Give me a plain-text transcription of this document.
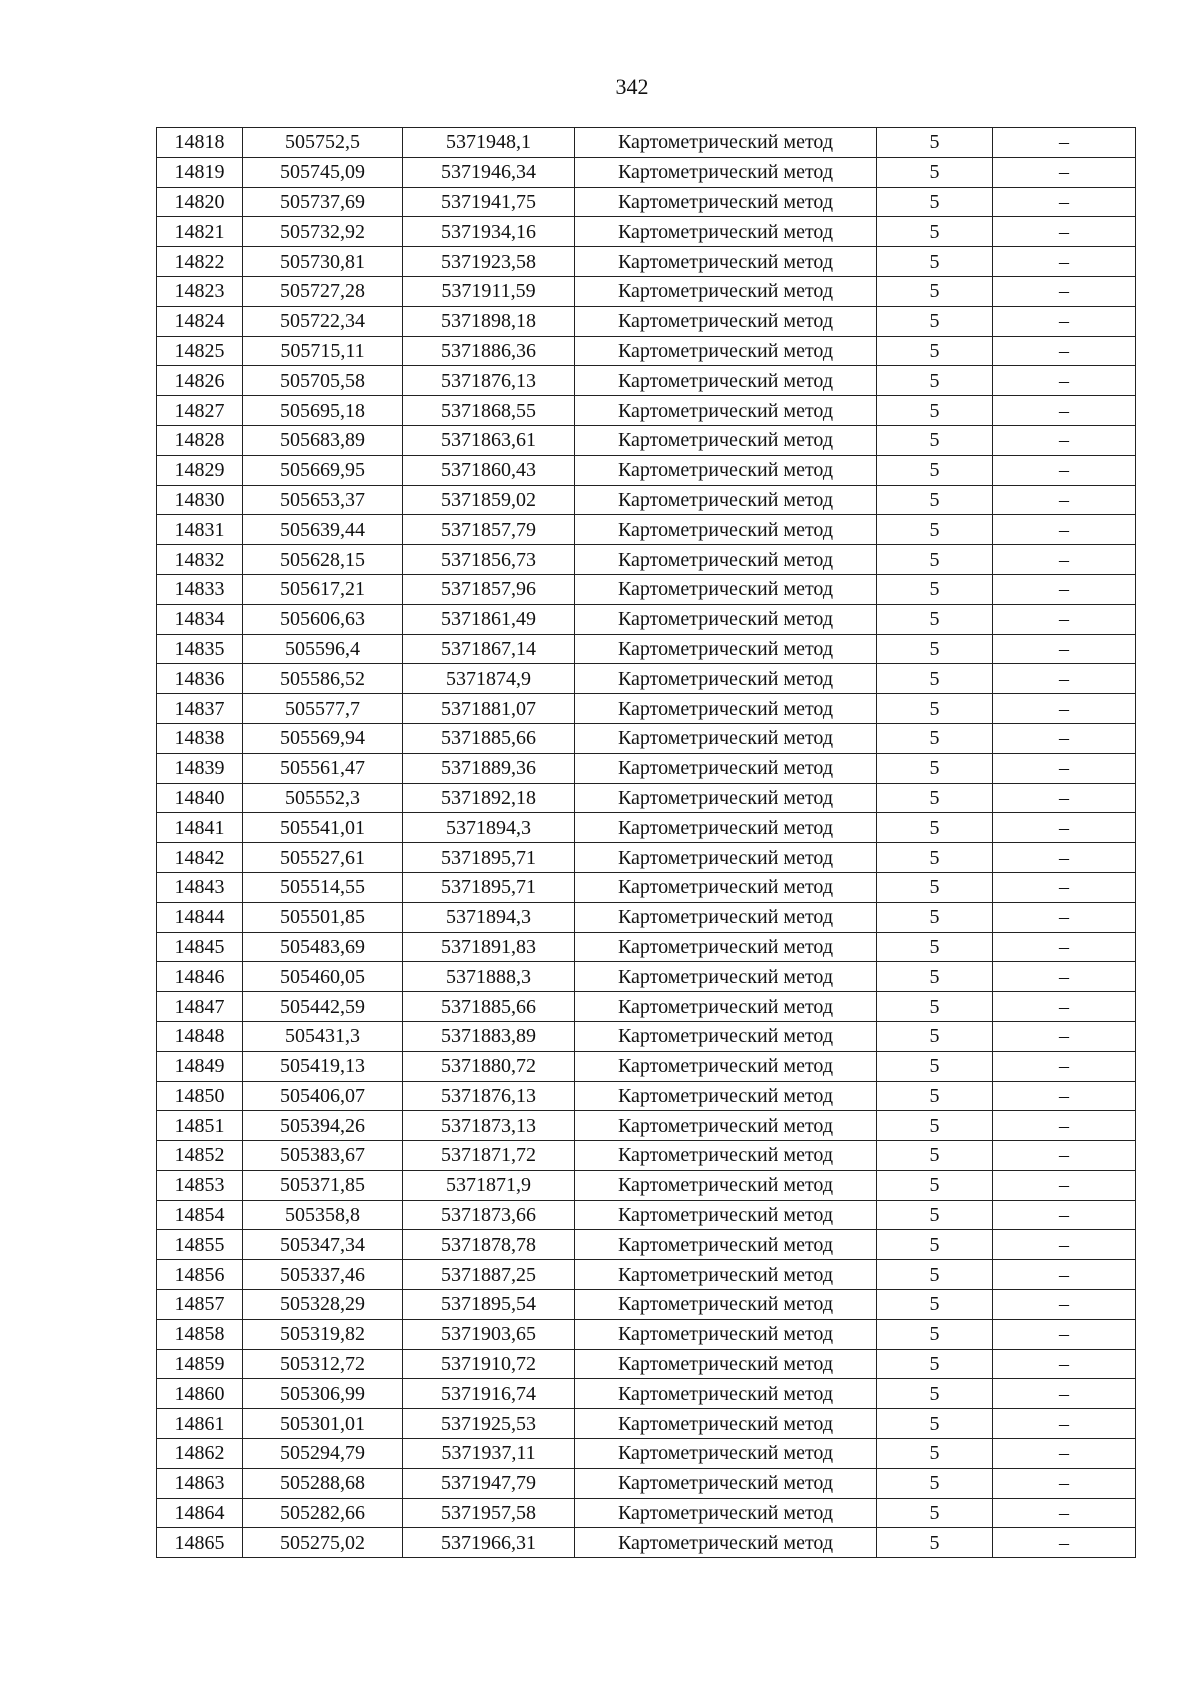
342
14818	505752,5	5371948,1	Картометрический метод	5	–
14819	505745,09	5371946,34	Картометрический метод	5	–
14820	505737,69	5371941,75	Картометрический метод	5	–
14821	505732,92	5371934,16	Картометрический метод	5	–
14822	505730,81	5371923,58	Картометрический метод	5	–
14823	505727,28	5371911,59	Картометрический метод	5	–
14824	505722,34	5371898,18	Картометрический метод	5	–
14825	505715,11	5371886,36	Картометрический метод	5	–
14826	505705,58	5371876,13	Картометрический метод	5	–
14827	505695,18	5371868,55	Картометрический метод	5	–
14828	505683,89	5371863,61	Картометрический метод	5	–
14829	505669,95	5371860,43	Картометрический метод	5	–
14830	505653,37	5371859,02	Картометрический метод	5	–
14831	505639,44	5371857,79	Картометрический метод	5	–
14832	505628,15	5371856,73	Картометрический метод	5	–
14833	505617,21	5371857,96	Картометрический метод	5	–
14834	505606,63	5371861,49	Картометрический метод	5	–
14835	505596,4	5371867,14	Картометрический метод	5	–
14836	505586,52	5371874,9	Картометрический метод	5	–
14837	505577,7	5371881,07	Картометрический метод	5	–
14838	505569,94	5371885,66	Картометрический метод	5	–
14839	505561,47	5371889,36	Картометрический метод	5	–
14840	505552,3	5371892,18	Картометрический метод	5	–
14841	505541,01	5371894,3	Картометрический метод	5	–
14842	505527,61	5371895,71	Картометрический метод	5	–
14843	505514,55	5371895,71	Картометрический метод	5	–
14844	505501,85	5371894,3	Картометрический метод	5	–
14845	505483,69	5371891,83	Картометрический метод	5	–
14846	505460,05	5371888,3	Картометрический метод	5	–
14847	505442,59	5371885,66	Картометрический метод	5	–
14848	505431,3	5371883,89	Картометрический метод	5	–
14849	505419,13	5371880,72	Картометрический метод	5	–
14850	505406,07	5371876,13	Картометрический метод	5	–
14851	505394,26	5371873,13	Картометрический метод	5	–
14852	505383,67	5371871,72	Картометрический метод	5	–
14853	505371,85	5371871,9	Картометрический метод	5	–
14854	505358,8	5371873,66	Картометрический метод	5	–
14855	505347,34	5371878,78	Картометрический метод	5	–
14856	505337,46	5371887,25	Картометрический метод	5	–
14857	505328,29	5371895,54	Картометрический метод	5	–
14858	505319,82	5371903,65	Картометрический метод	5	–
14859	505312,72	5371910,72	Картометрический метод	5	–
14860	505306,99	5371916,74	Картометрический метод	5	–
14861	505301,01	5371925,53	Картометрический метод	5	–
14862	505294,79	5371937,11	Картометрический метод	5	–
14863	505288,68	5371947,79	Картометрический метод	5	–
14864	505282,66	5371957,58	Картометрический метод	5	–
14865	505275,02	5371966,31	Картометрический метод	5	–
